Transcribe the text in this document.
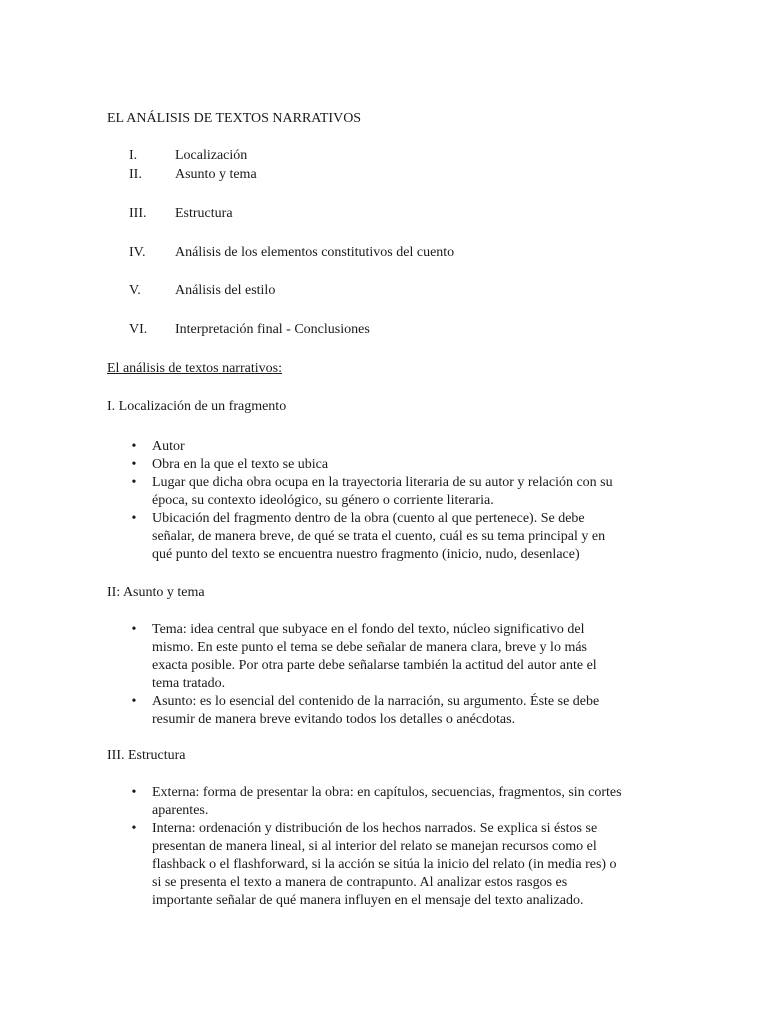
EL ANÁLISIS DE TEXTOS NARRATIVOS
I.	Localización
II. Asunto y tema
III. Estructura
IV. Análisis de los elementos constitutivos del cuento
V. Análisis del estilo
VI. Interpretación final - Conclusiones
El análisis de textos narrativos:
I. Localización de un fragmento
• Autor
• Obra en la que el texto se ubica
• Lugar que dicha obra ocupa en la trayectoria literaria de su autor y relación con su
época, su contexto ideológico, su género o corriente literaria.
• Ubicación del fragmento dentro de la obra (cuento al que pertenece). Se debe
señalar, de manera breve, de qué se trata el cuento, cuál es su tema principal y en
qué punto del texto se encuentra nuestro fragmento (inicio, nudo, desenlace)
II: Asunto y tema
• Tema: idea central que subyace en el fondo del texto, núcleo significativo del
mismo. En este punto el tema se debe señalar de manera clara, breve y lo más
exacta posible. Por otra parte debe señalarse también la actitud del autor ante el
tema tratado.
• Asunto: es lo esencial del contenido de la narración, su argumento. Éste se debe
resumir de manera breve evitando todos los detalles o anécdotas.
III. Estructura
• Externa: forma de presentar la obra: en capítulos, secuencias, fragmentos, sin cortes
aparentes.
• Interna: ordenación y distribución de los hechos narrados. Se explica si éstos se
presentan de manera lineal, si al interior del relato se manejan recursos como el
flashback o el flashforward, si la acción se sitúa la inicio del relato (in media res) o
si se presenta el texto a manera de contrapunto. Al analizar estos rasgos es
importante señalar de qué manera influyen en el mensaje del texto analizado.
